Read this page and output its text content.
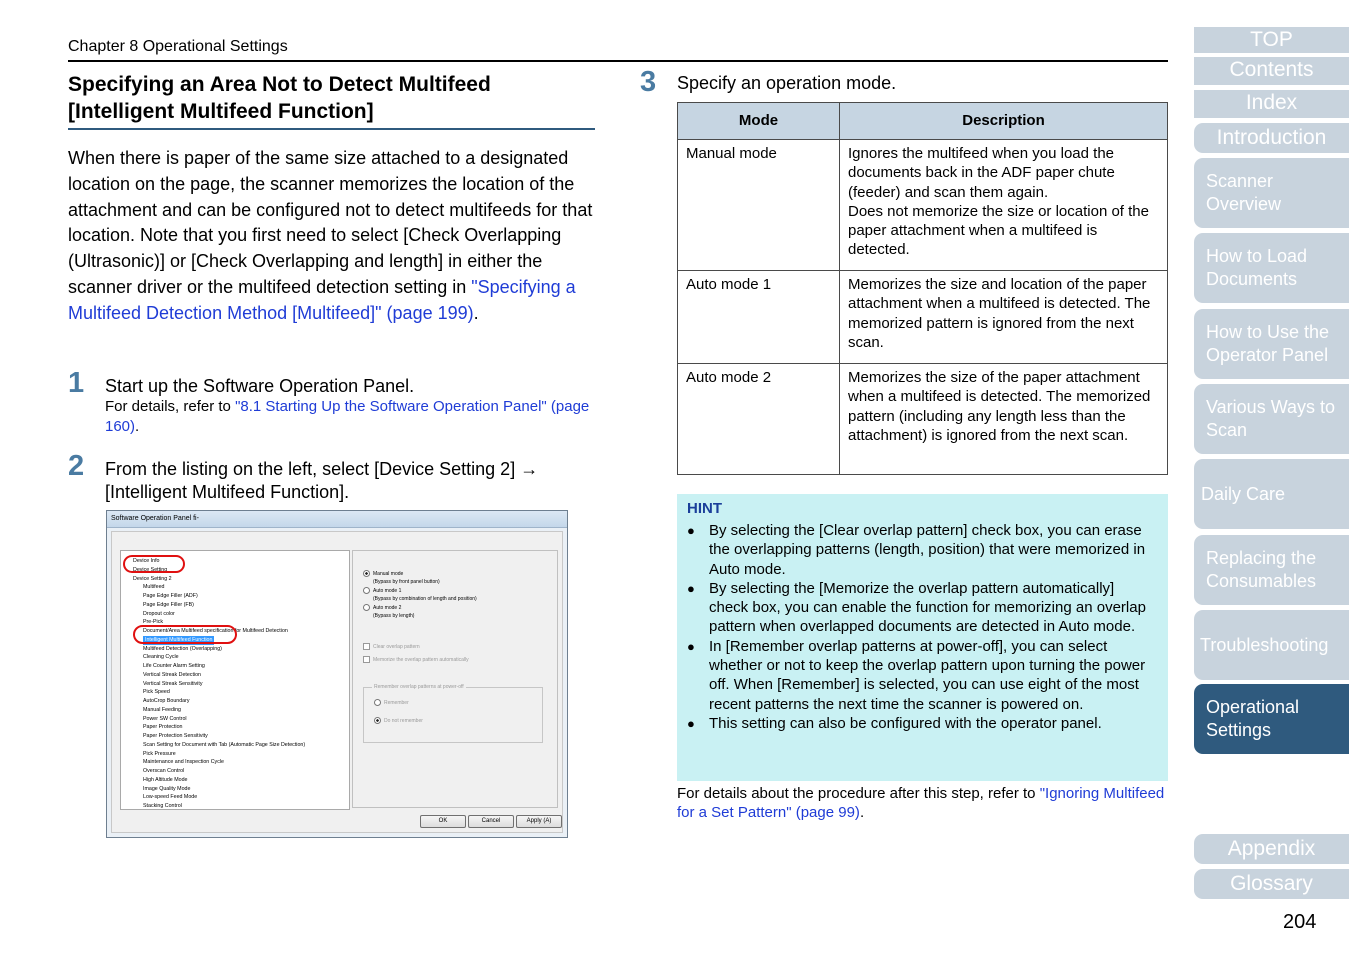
Chapter 8 Operational Settings
Specifying an Area Not to Detect Multifeed [Intelligent Multifeed Function]
When there is paper of the same size attached to a designated location on the page, the scanner memorizes the location of the attachment and can be configured not to detect multifeeds for that location. Note that you first need to select [Check Overlapping (Ultrasonic)] or [Check Overlapping and length] in either the scanner driver or the multifeed detection setting in "Specifying a Multifeed Detection Method [Multifeed]" (page 199).
1 Start up the Software Operation Panel.
For details, refer to "8.1 Starting Up the Software Operation Panel" (page 160).
2 From the listing on the left, select [Device Setting 2] → [Intelligent Multifeed Function].
Software Operation Panel fi-
Device Info
Device Setting
Device Setting 2
Multifeed
Page Edge Filler (ADF)
Page Edge Filler (FB)
Dropout color
Pre-Pick
Document/Area Multifeed specification for Multifeed Detection
Intelligent Multifeed Function
Multifeed Detection (Overlapping)
Cleaning Cycle
Life Counter Alarm Setting
Vertical Streak Detection
Vertical Streak Sensitivity
Pick Speed
AutoCrop Boundary
Manual Feeding
Power SW Control
Paper Protection
Paper Protection Sensitivity
Scan Setting for Document with Tab (Automatic Page Size Detection)
Pick Pressure
Maintenance and Inspection Cycle
Overscan Control
High Altitude Mode
Image Quality Mode
Low-speed Feed Mode
Stacking Control
Manual mode
(Bypass by front panel button)
Auto mode 1
(Bypass by combination of length and position)
Auto mode 2
(Bypass by length)
Clear overlap pattern
Memorize the overlap pattern automatically
Remember overlap patterns at power-off
Remember
Do not remember
OK	Cancel	Apply (A)
3 Specify an operation mode.
Mode	Description
Manual mode	Ignores the multifeed when you load the documents back in the ADF paper chute (feeder) and scan them again.
Does not memorize the size or location of the paper attachment when a multifeed is detected.

Auto mode 1	Memorizes the size and location of the paper attachment when a multifeed is detected. The memorized pattern is ignored from the next scan.
Auto mode 2	Memorizes the size of the paper attachment when a multifeed is detected. The memorized pattern (including any length less than the attachment) is ignored from the next scan.
HINT
● By selecting the [Clear overlap pattern] check box, you can erase the overlapping patterns (length, position) that were memorized in Auto mode.
● By selecting the [Memorize the overlap pattern automatically] check box, you can enable the function for memorizing an overlap pattern when overlapped documents are detected in Auto mode.
● In [Remember overlap patterns at power-off], you can select whether or not to keep the overlap pattern upon turning the power off. When [Remember] is selected, you can use eight of the most recent patterns the next time the scanner is powered on.
● This setting can also be configured with the operator panel.
For details about the procedure after this step, refer to "Ignoring Multifeed for a Set Pattern" (page 99).
TOP
Contents
Index
Introduction
Scanner Overview
How to Load Documents
How to Use the Operator Panel
Various Ways to Scan
Daily Care
Replacing the Consumables
Troubleshooting
Operational Settings
Appendix
Glossary
204
